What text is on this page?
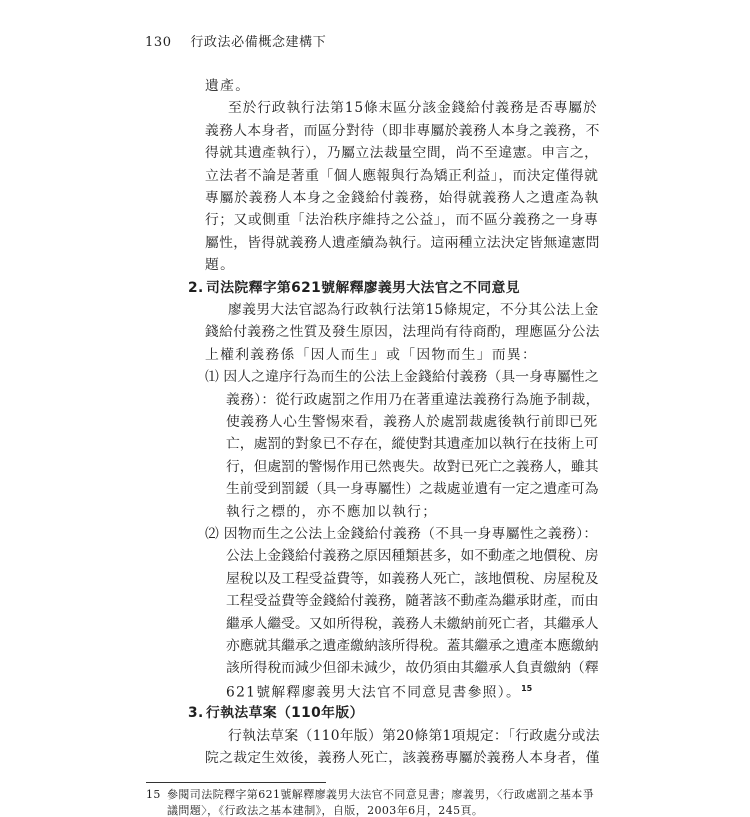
130 行政法必備概念建構下
遺產。
至於行政執行法第15條末區分該金錢給付義務是否專屬於
義務人本身者，而區分對待（即非專屬於義務人本身之義務，不
得就其遺產執行），乃屬立法裁量空間，尚不至違憲。申言之，
立法者不論是著重「個人應報與行為矯正利益」，而決定僅得就
專屬於義務人本身之金錢給付義務，始得就義務人之遺產為執
行；又或側重「法治秩序維持之公益」，而不區分義務之一身專
屬性，皆得就義務人遺產續為執行。這兩種立法決定皆無違憲問
題。
2. 司法院釋字第621號解釋廖義男大法官之不同意見
廖義男大法官認為行政執行法第15條規定，不分其公法上金
錢給付義務之性質及發生原因，法理尚有待商酌，理應區分公法
上權利義務係「因人而生」或「因物而生」而異：
⑴ 因人之違序行為而生的公法上金錢給付義務（具一身專屬性之
義務）：從行政處罰之作用乃在著重違法義務行為施予制裁，
使義務人心生警惕來看，義務人於處罰裁處後執行前即已死
亡，處罰的對象已不存在，縱使對其遺產加以執行在技術上可
行，但處罰的警惕作用已然喪失。故對已死亡之義務人，雖其
生前受到罰鍰（具一身專屬性）之裁處並遺有一定之遺產可為
執行之標的，亦不應加以執行；
⑵ 因物而生之公法上金錢給付義務（不具一身專屬性之義務）：
公法上金錢給付義務之原因種類甚多，如不動產之地價稅、房
屋稅以及工程受益費等，如義務人死亡，該地價稅、房屋稅及
工程受益費等金錢給付義務，隨著該不動產為繼承財產，而由
繼承人繼受。又如所得稅，義務人未繳納前死亡者，其繼承人
亦應就其繼承之遺產繳納該所得稅。蓋其繼承之遺產本應繳納
該所得稅而減少但卻未減少，故仍須由其繼承人負責繳納（釋
621號解釋廖義男大法官不同意見書參照）。$^{15}$
3. 行執法草案（110年版）
行執法草案（110年版）第20條第1項規定：「行政處分或法
院之裁定生效後，義務人死亡，該義務專屬於義務人本身者，僅
15 參閱司法院釋字第621號解釋廖義男大法官不同意見書；廖義男，〈行政處罰之基本爭
議問題〉，《行政法之基本建制》，自版，2003年6月，245頁。
